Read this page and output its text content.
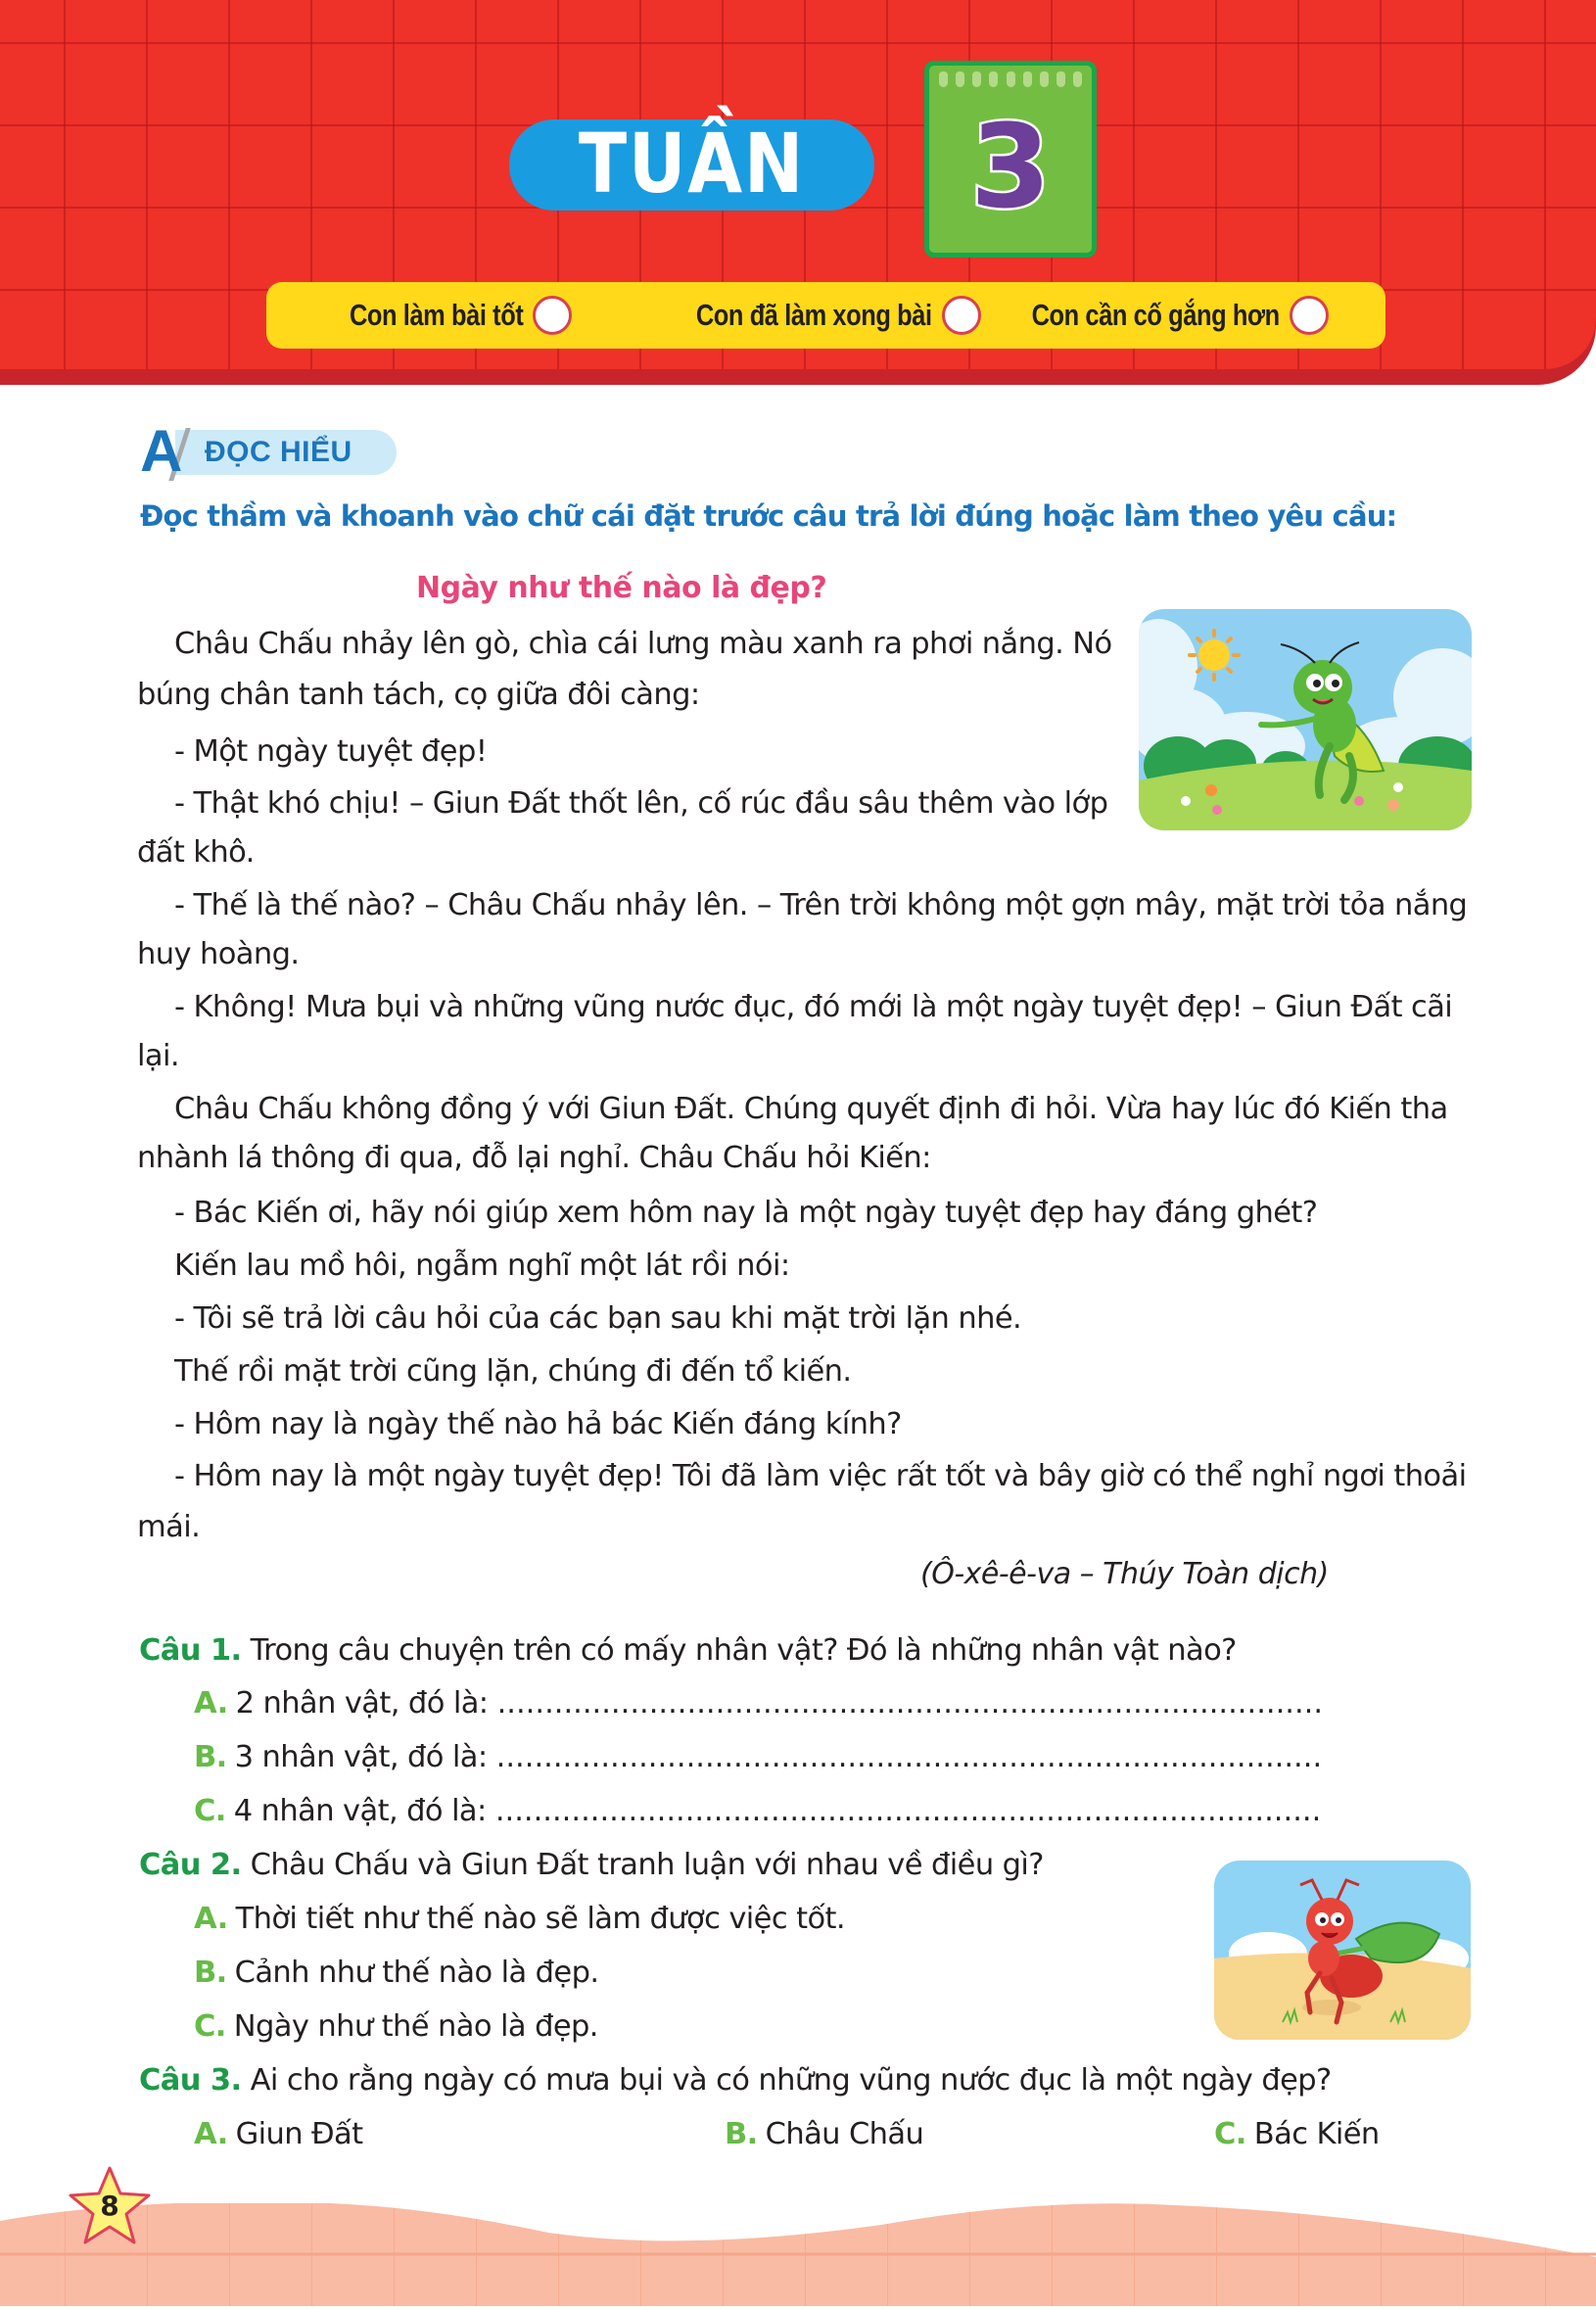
TUẦN	3
Con làm bài tốt	Con đã làm xong bài	Con cần cố gắng hơn
A ĐỌC HIỂU
Đọc thầm và khoanh vào chữ cái đặt trước câu trả lời đúng hoặc làm theo yêu cầu:
Ngày như thế nào là đẹp?

Châu Chấu nhảy lên gò, chìa cái lưng màu xanh ra phơi nắng. Nó búng chân tanh tách, cọ giữa đôi càng:

- Một ngày tuyệt đẹp!

- Thật khó chịu! – Giun Đất thốt lên, cố rúc đầu sâu thêm vào lớp đất khô.

- Thế là thế nào? – Châu Chấu nhảy lên. – Trên trời không một gợn mây, mặt trời tỏa nắng huy hoàng.

- Không! Mưa bụi và những vũng nước đục, đó mới là một ngày tuyệt đẹp! – Giun Đất cãi lại.

Châu Chấu không đồng ý với Giun Đất. Chúng quyết định đi hỏi. Vừa hay lúc đó Kiến tha nhành lá thông đi qua, đỗ lại nghỉ. Châu Chấu hỏi Kiến:

- Bác Kiến ơi, hãy nói giúp xem hôm nay là một ngày tuyệt đẹp hay đáng ghét?

Kiến lau mồ hôi, ngẫm nghĩ một lát rồi nói:

- Tôi sẽ trả lời câu hỏi của các bạn sau khi mặt trời lặn nhé.

Thế rồi mặt trời cũng lặn, chúng đi đến tổ kiến.

- Hôm nay là ngày thế nào hả bác Kiến đáng kính?

- Hôm nay là một ngày tuyệt đẹp! Tôi đã làm việc rất tốt và bây giờ có thể nghỉ ngơi thoải mái.

(Ô-xê-ê-va – Thúy Toàn dịch)
Câu 1. Trong câu chuyện trên có mấy nhân vật? Đó là những nhân vật nào?
A. 2 nhân vật, đó là: .......................................................................................
B. 3 nhân vật, đó là: .......................................................................................
C. 4 nhân vật, đó là: .......................................................................................
Câu 2. Châu Chấu và Giun Đất tranh luận với nhau về điều gì?
A. Thời tiết như thế nào sẽ làm được việc tốt.
B. Cảnh như thế nào là đẹp.
C. Ngày như thế nào là đẹp.
Câu 3. Ai cho rằng ngày có mưa bụi và có những vũng nước đục là một ngày đẹp?
A. Giun Đất	B. Châu Chấu	C. Bác Kiến
8
